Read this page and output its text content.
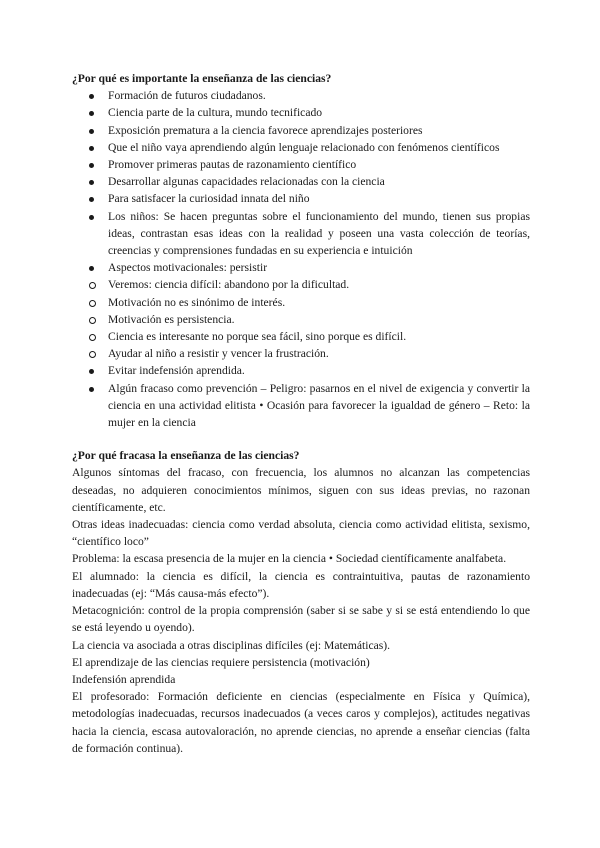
¿Por qué es importante la enseñanza de las ciencias?
Formación de futuros ciudadanos.
Ciencia parte de la cultura, mundo tecnificado
Exposición prematura a la ciencia favorece aprendizajes posteriores
Que el niño vaya aprendiendo algún lenguaje relacionado con fenómenos científicos
Promover primeras pautas de razonamiento científico
Desarrollar algunas capacidades relacionadas con la ciencia
Para satisfacer la curiosidad innata del niño
Los niños: Se hacen preguntas sobre el funcionamiento del mundo, tienen sus propias ideas, contrastan esas ideas con la realidad y poseen una vasta colección de teorías, creencias y comprensiones fundadas en su experiencia e intuición
Aspectos motivacionales: persistir
Veremos: ciencia difícil: abandono por la dificultad.
Motivación no es sinónimo de interés.
Motivación es persistencia.
Ciencia es interesante no porque sea fácil, sino porque es difícil.
Ayudar al niño a resistir y vencer la frustración.
Evitar indefensión aprendida.
Algún fracaso como prevención – Peligro: pasarnos en el nivel de exigencia y convertir la ciencia en una actividad elitista • Ocasión para favorecer la igualdad de género – Reto: la mujer en la ciencia
¿Por qué fracasa la enseñanza de las ciencias?

Algunos síntomas del fracaso, con frecuencia, los alumnos no alcanzan las competencias deseadas, no adquieren conocimientos mínimos, siguen con sus ideas previas, no razonan científicamente, etc.

Otras ideas inadecuadas: ciencia como verdad absoluta, ciencia como actividad elitista, sexismo, “científico loco”

Problema: la escasa presencia de la mujer en la ciencia • Sociedad científicamente analfabeta.

El alumnado: la ciencia es difícil, la ciencia es contraintuitiva, pautas de razonamiento inadecuadas (ej: “Más causa-más efecto”).

Metacognición: control de la propia comprensión (saber si se sabe y si se está entendiendo lo que se está leyendo u oyendo).

La ciencia va asociada a otras disciplinas difíciles (ej: Matemáticas).

El aprendizaje de las ciencias requiere persistencia (motivación)

Indefensión aprendida

El profesorado: Formación deficiente en ciencias (especialmente en Física y Química), metodologías inadecuadas, recursos inadecuados (a veces caros y complejos), actitudes negativas hacia la ciencia, escasa autovaloración, no aprende ciencias, no aprende a enseñar ciencias (falta de formación continua).
